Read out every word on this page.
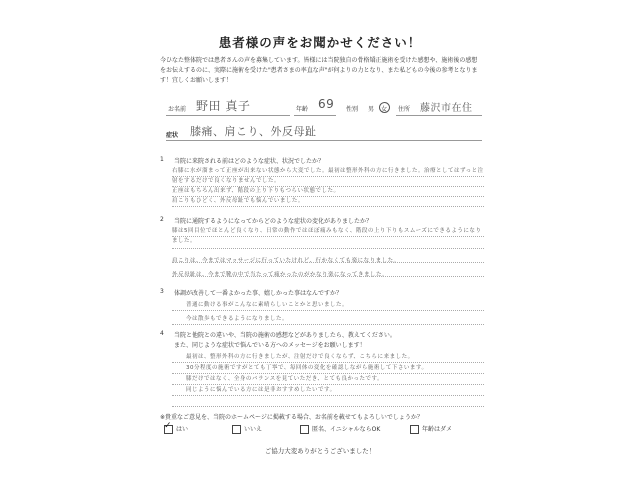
患者様の声をお聞かせください！
今ひなた整体院では患者さんの声を募集しています。皆様には当院独自の骨格矯正施術を受けた感想や、施術後の感想をお伝えするのに、実際に施術を受けた"患者さまの率直な声"が何よりの力となり、また私どもの今後の参考となります！宜しくお願いします！
お名前 野田 真子	年齢 69 性別 男 女 住所 藤沢市在住
症状 膝痛、肩こり、外反母趾
1 当院に来院される前はどのような症状、状況でしたか？
右膝に水が溜まって正座が出来ない状態から大変でした。最初は整形外科の方に行きました。治療としてはずっと注射をするだけで良くなりませんでした。
正座はもちろん出来ず、階段の上り下りもつらい状態でした。
肩こりもひどく、外反母趾でも悩んでいました。
2 当院に通院するようになってからどのような症状の変化がありましたか？
膝は5回目位でほとんど良くなり、日常の動作ではほぼ痛みもなく、階段の上り下りもスムーズにできるようになりました。
肩こりは、今まではマッサージに行っていたけれど、行かなくても楽になりました。
外反母趾は、今まで靴の中で当たって痛かったのがかなり楽になってきました。
3 体調が改善して一番よかった事、嬉しかった事はなんですか？
普通に動ける事がこんなに素晴らしいことかと思いました。
今は散歩もできるようになりました。
4 当院と他院との違いや、当院の施術の感想などがありましたら、教えてください。
また、同じような症状で悩んでいる方へのメッセージをお願いします！
最初は、整形外科の方に行きましたが、注射だけで良くならず、こちらに来ました。
30分程度の施術ですがとても丁寧で、毎回体の変化を確認しながら施術して下さいます。
膝だけではなく、全身のバランスを見ていただき、とても良かったです。
同じように悩んでいる方には是非おすすめしたいです。
※貴重なご意見を、当院のホームページに掲載する場合、お名前を載せてもよろしいでしょうか？
✓はい	いいえ	匿名、イニシャルならOK	年齢はダメ
ご協力大変ありがとうございました！
